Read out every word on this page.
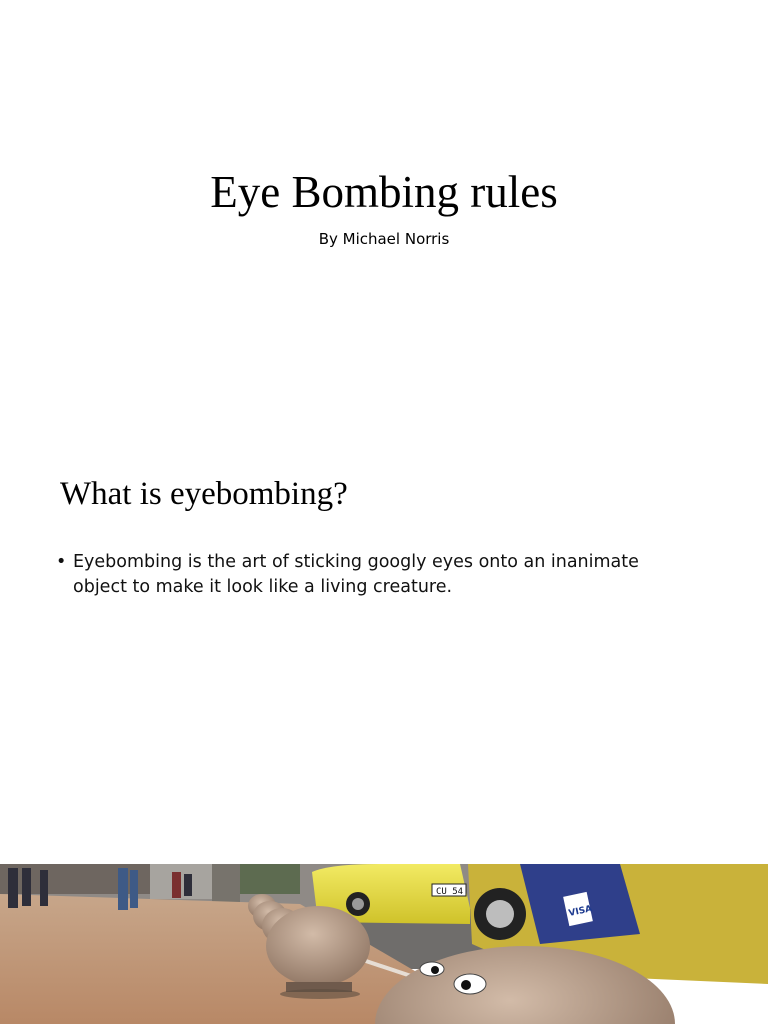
Eye Bombing rules
By Michael Norris
What is eyebombing?
• Eyebombing is the art of sticking googly eyes onto an inanimate object to make it look like a living creature.
CU 54
VISA
